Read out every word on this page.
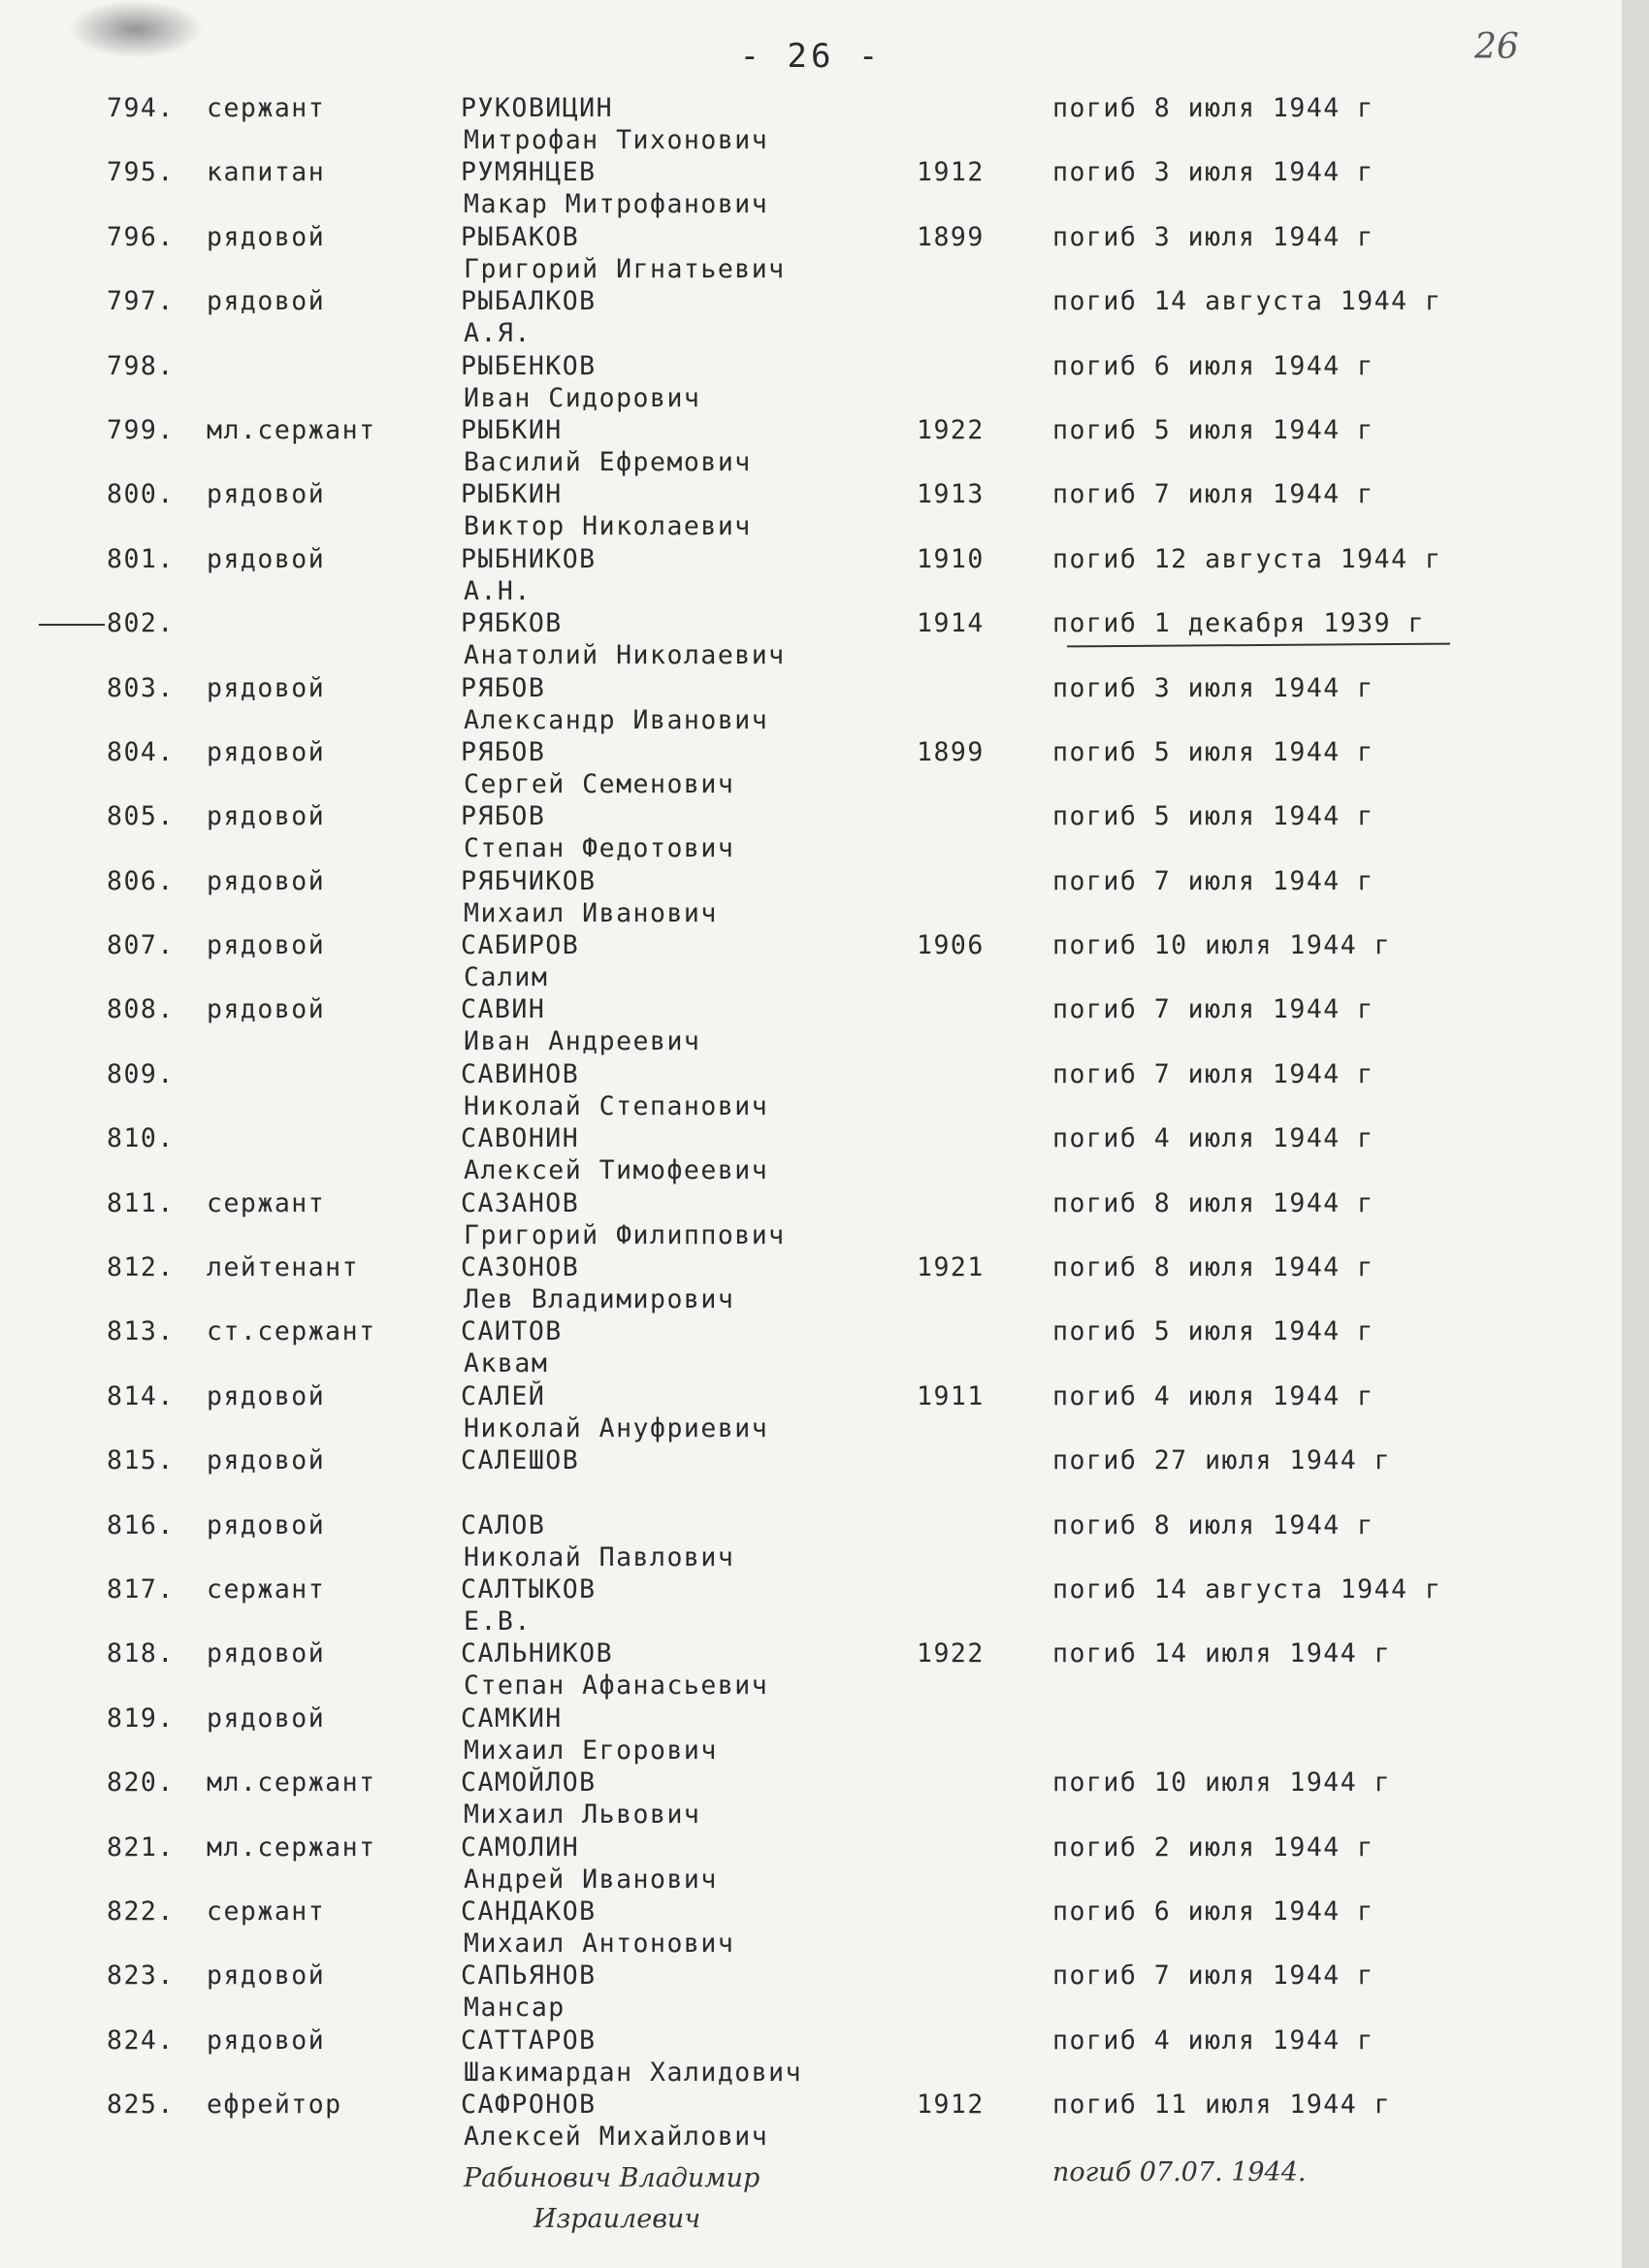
- 26 -	26
794. сержант	РУКОВИЦИН	погиб 8 июля 1944 г
Митрофан Тихонович
795. капитан	РУМЯНЦЕВ	1912	погиб 3 июля 1944 г
Макар Митрофанович
796. рядовой	РЫБАКОВ	1899	погиб 3 июля 1944 г
Григорий Игнатьевич
797. рядовой	РЫБАЛКОВ	погиб 14 августа 1944 г
А.Я.
798.	РЫБЕНКОВ	погиб 6 июля 1944 г
Иван Сидорович
799. мл.сержант	РЫБКИН	1922	погиб 5 июля 1944 г
Василий Ефремович
800. рядовой	РЫБКИН	1913	погиб 7 июля 1944 г
Виктор Николаевич
801. рядовой	РЫБНИКОВ	1910	погиб 12 августа 1944 г
А.Н.
802.	РЯБКОВ	1914	погиб 1 декабря 1939 г
Анатолий Николаевич
803. рядовой	РЯБОВ	погиб 3 июля 1944 г
Александр Иванович
804. рядовой	РЯБОВ	1899	погиб 5 июля 1944 г
Сергей Семенович
805. рядовой	РЯБОВ	погиб 5 июля 1944 г
Степан Федотович
806. рядовой	РЯБЧИКОВ	погиб 7 июля 1944 г
Михаил Иванович
807. рядовой	САБИРОВ	1906	погиб 10 июля 1944 г
Салим
808. рядовой	САВИН	погиб 7 июля 1944 г
Иван Андреевич
809.	САВИНОВ	погиб 7 июля 1944 г
Николай Степанович
810.	САВОНИН	погиб 4 июля 1944 г
Алексей Тимофеевич
811. сержант	САЗАНОВ	погиб 8 июля 1944 г
Григорий Филиппович
812. лейтенант	САЗОНОВ	1921	погиб 8 июля 1944 г
Лев Владимирович
813. ст.сержант	САИТОВ	погиб 5 июля 1944 г
Аквам
814. рядовой	САЛЕЙ	1911	погиб 4 июля 1944 г
Николай Ануфриевич
815. рядовой	САЛЕШОВ	погиб 27 июля 1944 г
816. рядовой	САЛОВ	погиб 8 июля 1944 г
Николай Павлович
817. сержант	САЛТЫКОВ	погиб 14 августа 1944 г
Е.В.
818. рядовой	САЛЬНИКОВ	1922	погиб 14 июля 1944 г
Степан Афанасьевич
819. рядовой	САМКИН
Михаил Егорович
820. мл.сержант	САМОЙЛОВ	погиб 10 июля 1944 г
Михаил Львович
821. мл.сержант	САМОЛИН	погиб 2 июля 1944 г
Андрей Иванович
822. сержант	САНДАКОВ	погиб 6 июля 1944 г
Михаил Антонович
823. рядовой	САПЬЯНОВ	погиб 7 июля 1944 г
Мансар
824. рядовой	САТТАРОВ	погиб 4 июля 1944 г
Шакимардан Халидович
825. ефрейтор	САФРОНОВ	1912	погиб 11 июля 1944 г
Алексей Михайлович
Рабинович Владимир
Израилевич
погиб 07.07. 1944.
